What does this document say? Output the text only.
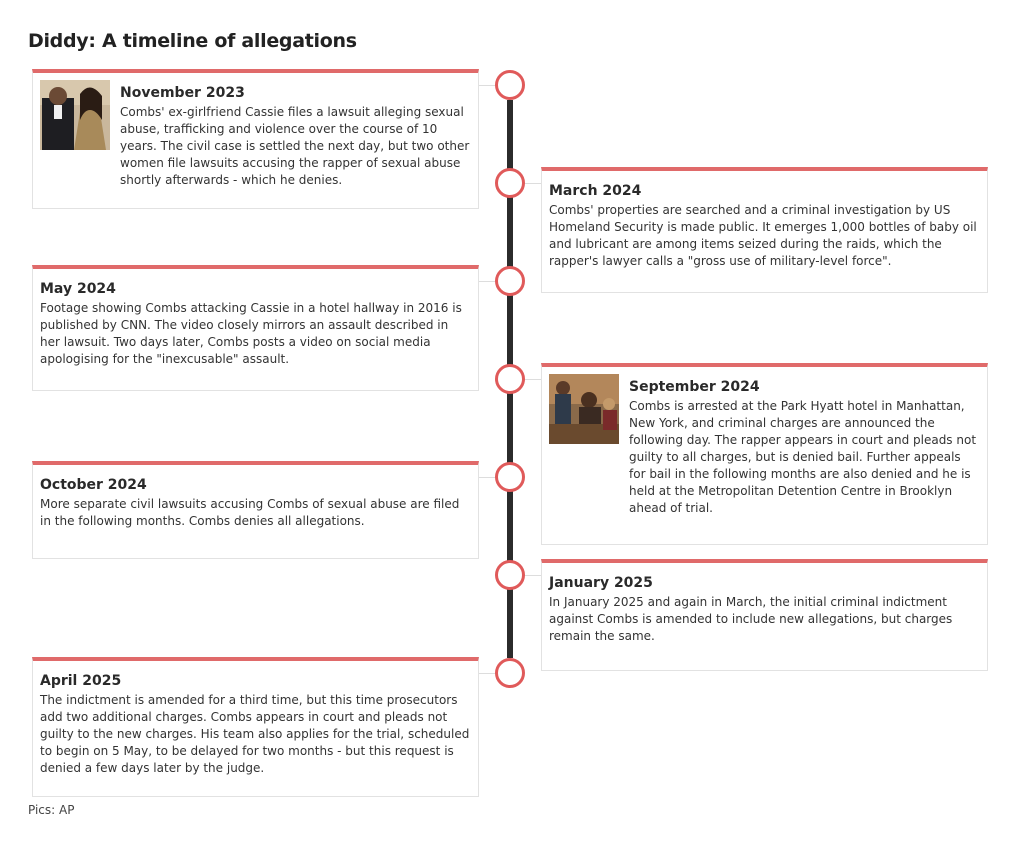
Diddy: A timeline of allegations
November 2023

Combs' ex-girlfriend Cassie files a lawsuit alleging sexual abuse, trafficking and violence over the course of 10 years. The civil case is settled the next day, but two other women file lawsuits accusing the rapper of sexual abuse shortly afterwards - which he denies.

March 2024

Combs' properties are searched and a criminal investigation by US Homeland Security is made public. It emerges 1,000 bottles of baby oil and lubricant are among items seized during the raids, which the rapper's lawyer calls a "gross use of military-level force".

May 2024

Footage showing Combs attacking Cassie in a hotel hallway in 2016 is published by CNN. The video closely mirrors an assault described in her lawsuit. Two days later, Combs posts a video on social media apologising for the "inexcusable" assault.

September 2024

Combs is arrested at the Park Hyatt hotel in Manhattan, New York, and criminal charges are announced the following day. The rapper appears in court and pleads not guilty to all charges, but is denied bail. Further appeals for bail in the following months are also denied and he is held at the Metropolitan Detention Centre in Brooklyn ahead of trial.

October 2024

More separate civil lawsuits accusing Combs of sexual abuse are filed in the following months. Combs denies all allegations.

January 2025

In January 2025 and again in March, the initial criminal indictment against Combs is amended to include new allegations, but charges remain the same.

April 2025

The indictment is amended for a third time, but this time prosecutors add two additional charges. Combs appears in court and pleads not guilty to the new charges. His team also applies for the trial, scheduled to begin on 5 May, to be delayed for two months - but this request is denied a few days later by the judge.

Pics: AP
